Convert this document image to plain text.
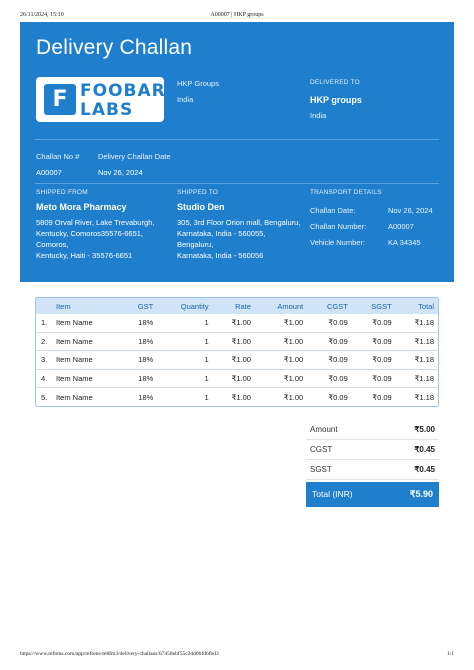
26/11/2024, 15:10	A00007 | HKP groups
Delivery Challan
F FOOBAR
LABS
HKP Groups
India
DELIVERED TO
HKP groups
India
Challan No # Delivery Challan Date
A00007	Nov 26, 2024
SHIPPED FROM
Meto Mora Pharmacy
5809 Orval River, Lake Trevaburgh,
Kentucky, Comoros35576-6651,
Comoros,
Kentucky, Haiti - 35576-6651
SHIPPED TO
Studio Den
305, 3rd Floor Orion mall, Bengaluru,
Karnataka, India - 560055,
Bengaluru,
Karnataka, India - 560056
TRANSPORT DETAILS
Challan Date:	Nov 26, 2024
Challan Number:	A00007
Vehicle Number:	KA 34345
	Item	GST	Quantity	Rate	Amount	CGST	SGST	Total
1.	Item Name	18%	1	₹1.00	₹1.00	₹0.09	₹0.09	₹1.18
2.	Item Name	18%	1	₹1.00	₹1.00	₹0.09	₹0.09	₹1.18
3.	Item Name	18%	1	₹1.00	₹1.00	₹0.09	₹0.09	₹1.18
4.	Item Name	18%	1	₹1.00	₹1.00	₹0.09	₹0.09	₹1.18
5.	Item Name	18%	1	₹1.00	₹1.00	₹0.09	₹0.09	₹1.18
Amount	₹5.00
CGST	₹0.45
SGST	₹0.45
Total (INR)	₹5.90
https://www.refrens.com/app/refrens-te8fm3/delivery-challans/67458ebf55c2dd06fd6fbd3	1/1
